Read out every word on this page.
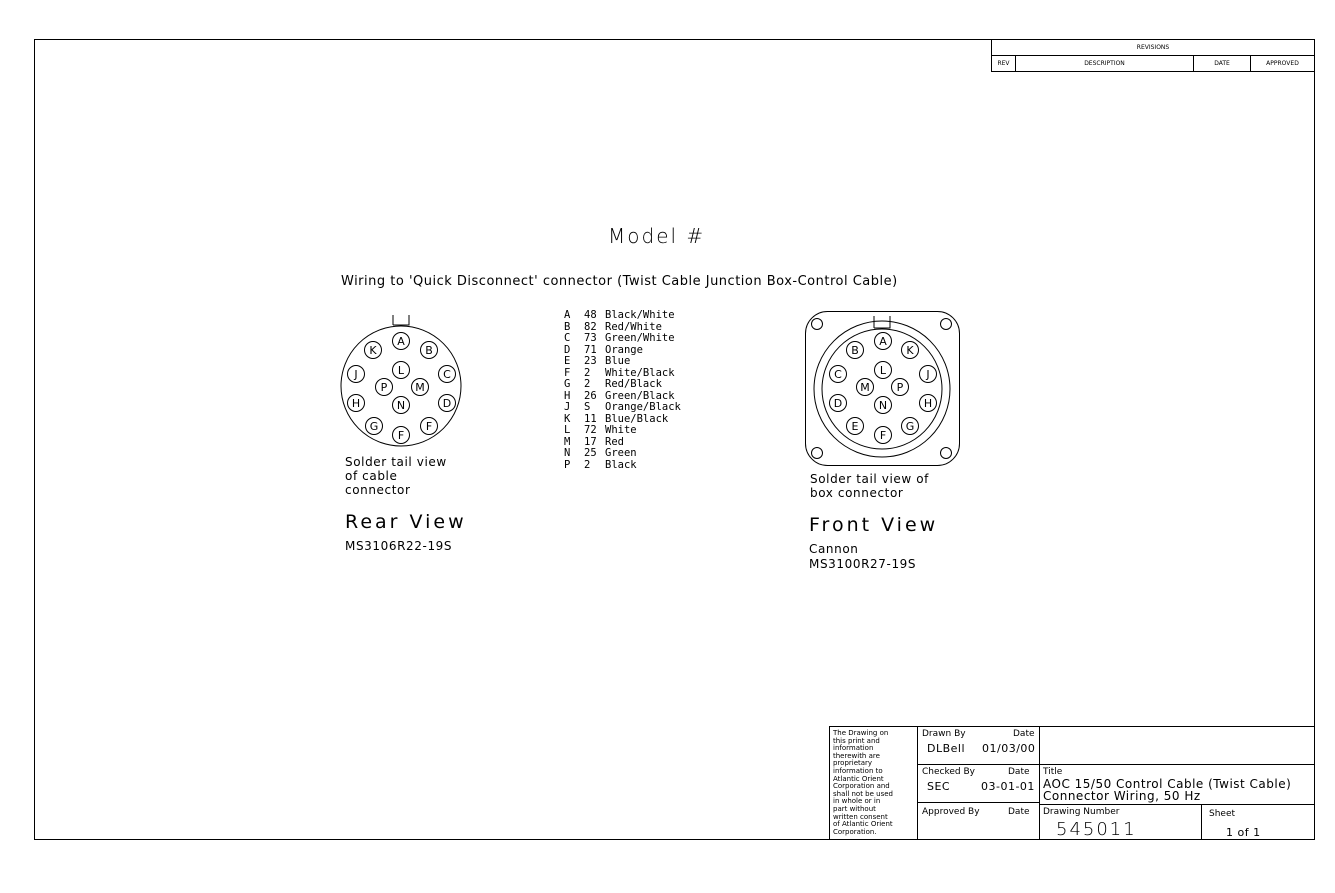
A
B
C
D
F
F
G
H
J
K
L
M
N
P
A
B
C
D
E
F
G
H
J
K
L
M
N
P
REVISIONS
REV	DESCRIPTION	DATE	APPROVED
Model #
Wiring to 'Quick Disconnect' connector (Twist Cable Junction Box-Control Cable)
Solder tail view
of cable
connector
Rear View
MS3106R22-19S
A 48 Black/White
B 82 Red/White
C 73 Green/White
D 71 Orange
E 23 Blue
F 2 White/Black
G 2 Red/Black
H 26 Green/Black
J S Orange/Black
K 11 Blue/Black
L 72 White
M 17 Red
N 25 Green
P 2 Black
Solder tail view of
box connector
Front View
Cannon
MS3100R27-19S
The Drawing on
this print and
information
therewith are
proprietary
information to
Atlantic Orient
Corporation and
shall not be used
in whole or in
part without
written consent
of Atlantic Orient
Corporation.
Drawn By	Date
DLBell 01/03/00
Checked By	Date
SEC	03-01-01
Approved By	Date
Title
AOC 15/50 Control Cable (Twist Cable)
Connector Wiring, 50 Hz
Drawing Number
545011
Sheet
1 of 1
